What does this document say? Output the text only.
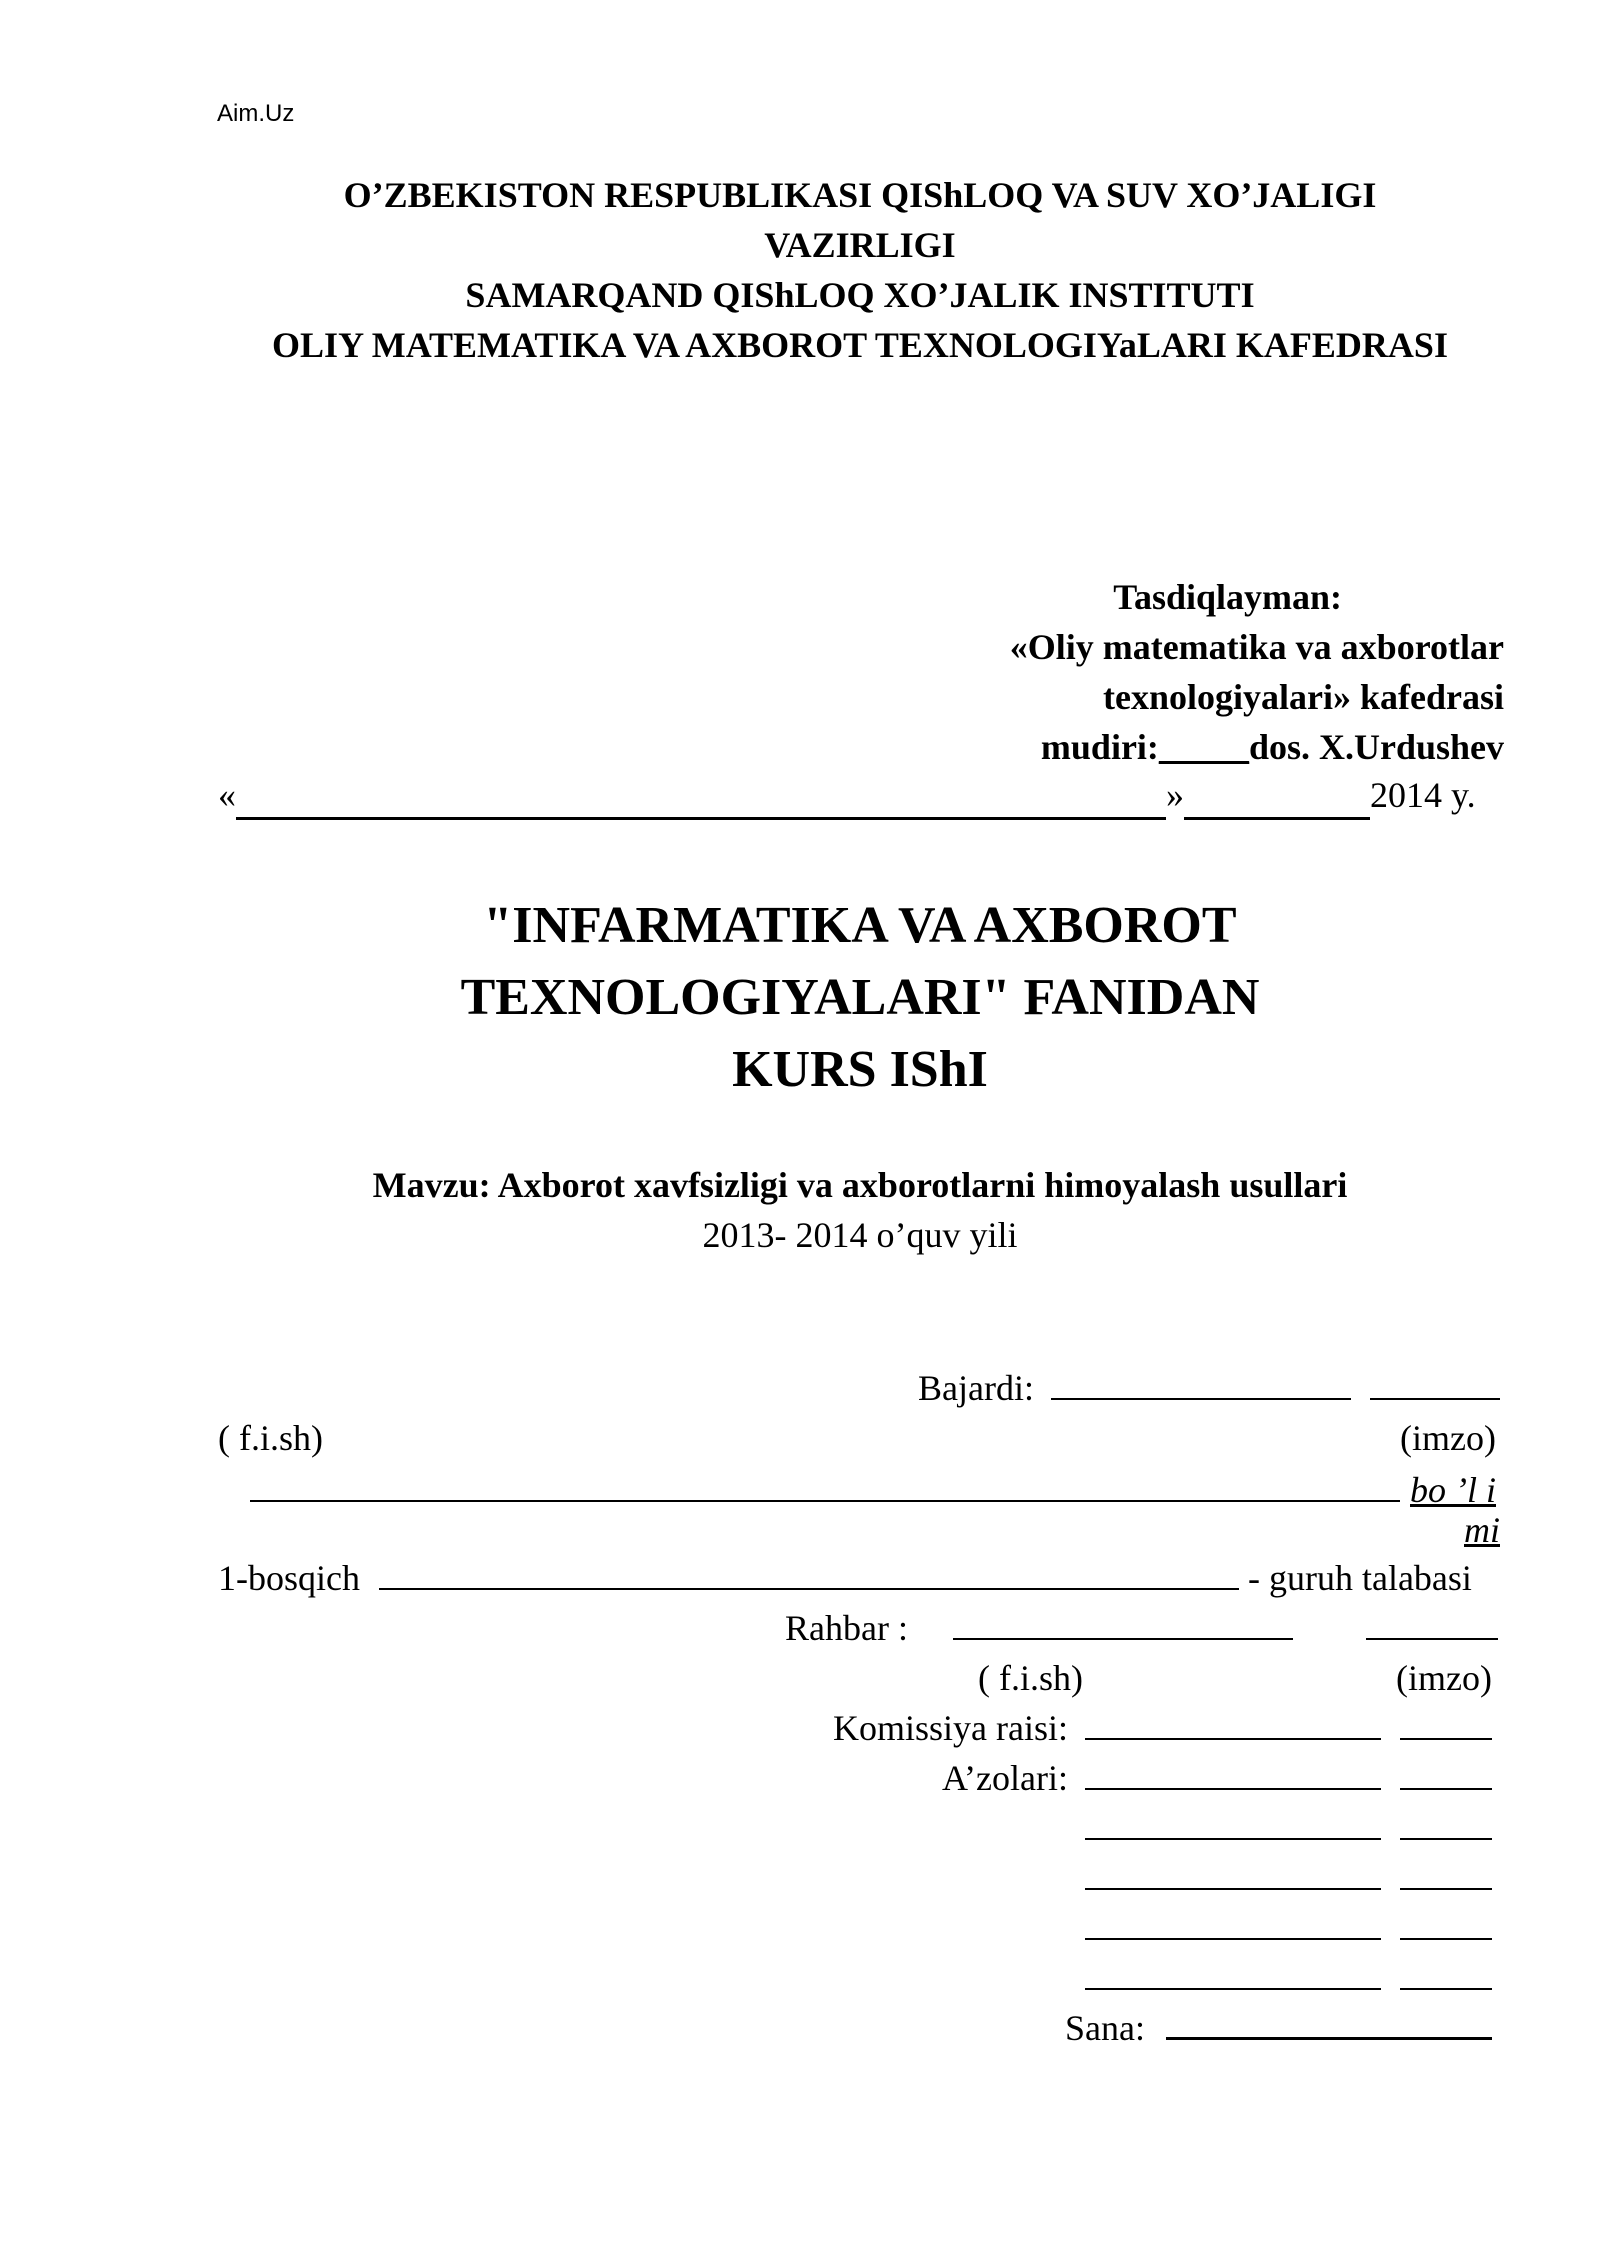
Aim.Uz
O’ZBEKISTON RESPUBLIKASI QIShLOQ VA SUV XO’JALIGI
VAZIRLIGI
SAMARQAND QIShLOQ XO’JALIK INSTITUTI
OLIY MATEMATIKA VA AXBOROT TEXNOLOGIYaLARI KAFEDRASI
Tasdiqlayman:
«Oliy matematika va axborotlar
texnologiyalari» kafedrasi
mudiri:_____dos. X.Urdushev
«	»	2014 y.
"INFARMATIKA VA AXBOROT
TEXNOLOGIYALARI" FANIDAN
KURS IShI
Mavzu: Axborot xavfsizligi va axborotlarni himoyalash usullari
2013- 2014 o’quv yili
Bajardi:
( f.i.sh)	(imzo)
bo ’l i
mi
1-bosqich	- guruh talabasi
Rahbar :
( f.i.sh)	(imzo)
Komissiya raisi:
A’zolari:

Sana:
